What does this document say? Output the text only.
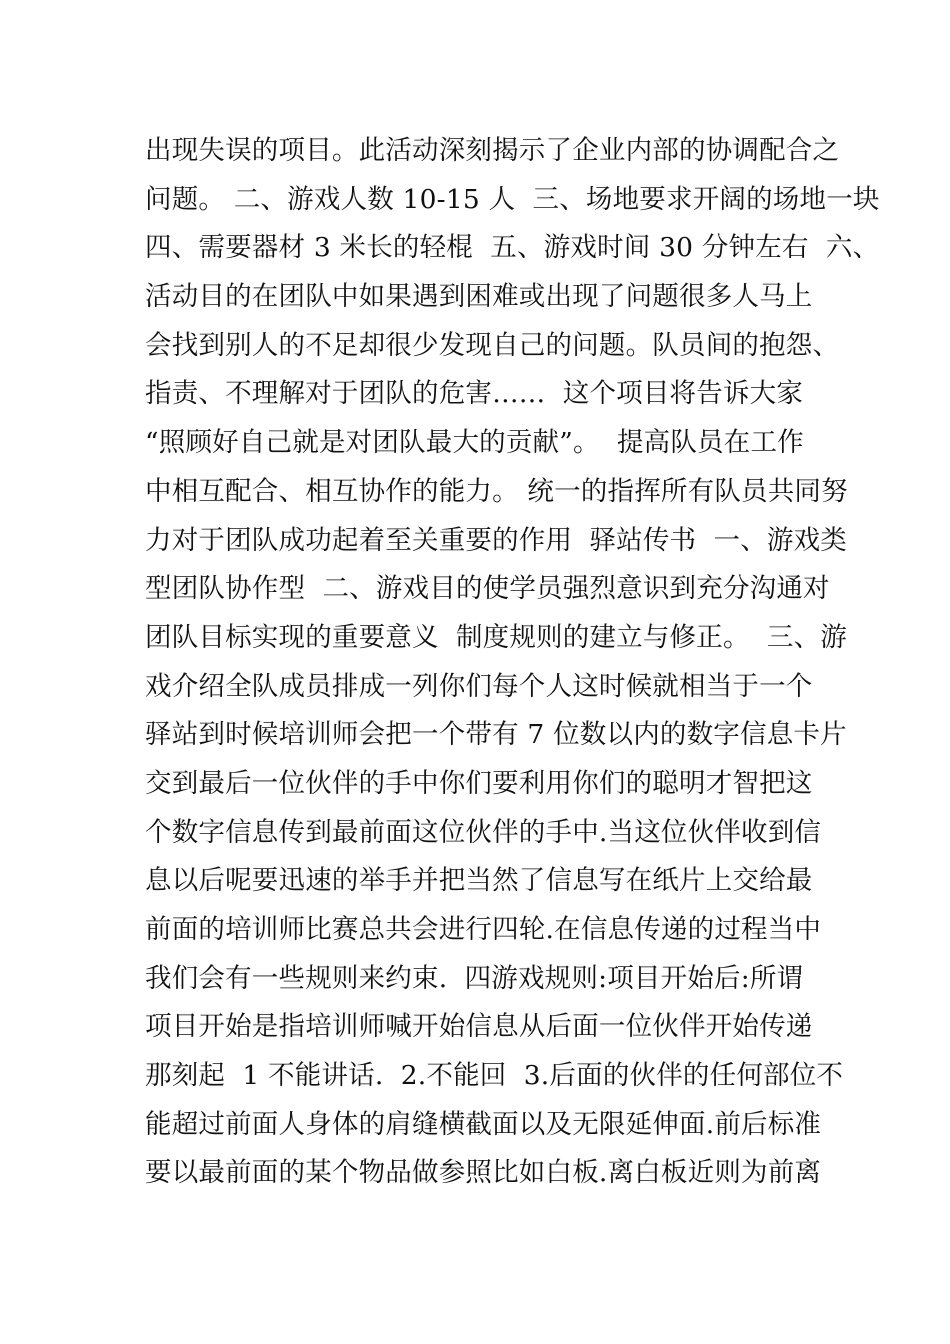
出现失误的项目。此活动深刻揭示了企业内部的协调配合之
问题。 二、游戏人数 10-15 人  三、场地要求开阔的场地一块
四、需要器材 3 米长的轻棍  五、游戏时间 30 分钟左右  六、
活动目的在团队中如果遇到困难或出现了问题很多人马上
会找到别人的不足却很少发现自己的问题。队员间的抱怨、
指责、不理解对于团队的危害……  这个项目将告诉大家
“照顾好自己就是对团队最大的贡献”。  提高队员在工作
中相互配合、相互协作的能力。 统一的指挥所有队员共同努
力对于团队成功起着至关重要的作用  驿站传书  一、游戏类
型团队协作型  二、游戏目的使学员强烈意识到充分沟通对
团队目标实现的重要意义  制度规则的建立与修正。  三、游
戏介绍全队成员排成一列你们每个人这时候就相当于一个
驿站到时候培训师会把一个带有 7 位数以内的数字信息卡片
交到最后一位伙伴的手中你们要利用你们的聪明才智把这
个数字信息传到最前面这位伙伴的手中.当这位伙伴收到信
息以后呢要迅速的举手并把当然了信息写在纸片上交给最
前面的培训师比赛总共会进行四轮.在信息传递的过程当中
我们会有一些规则来约束.  四游戏规则:项目开始后:所谓
项目开始是指培训师喊开始信息从后面一位伙伴开始传递
那刻起  1 不能讲话.  2.不能回  3.后面的伙伴的任何部位不
能超过前面人身体的肩缝横截面以及无限延伸面.前后标准
要以最前面的某个物品做参照比如白板.离白板近则为前离
